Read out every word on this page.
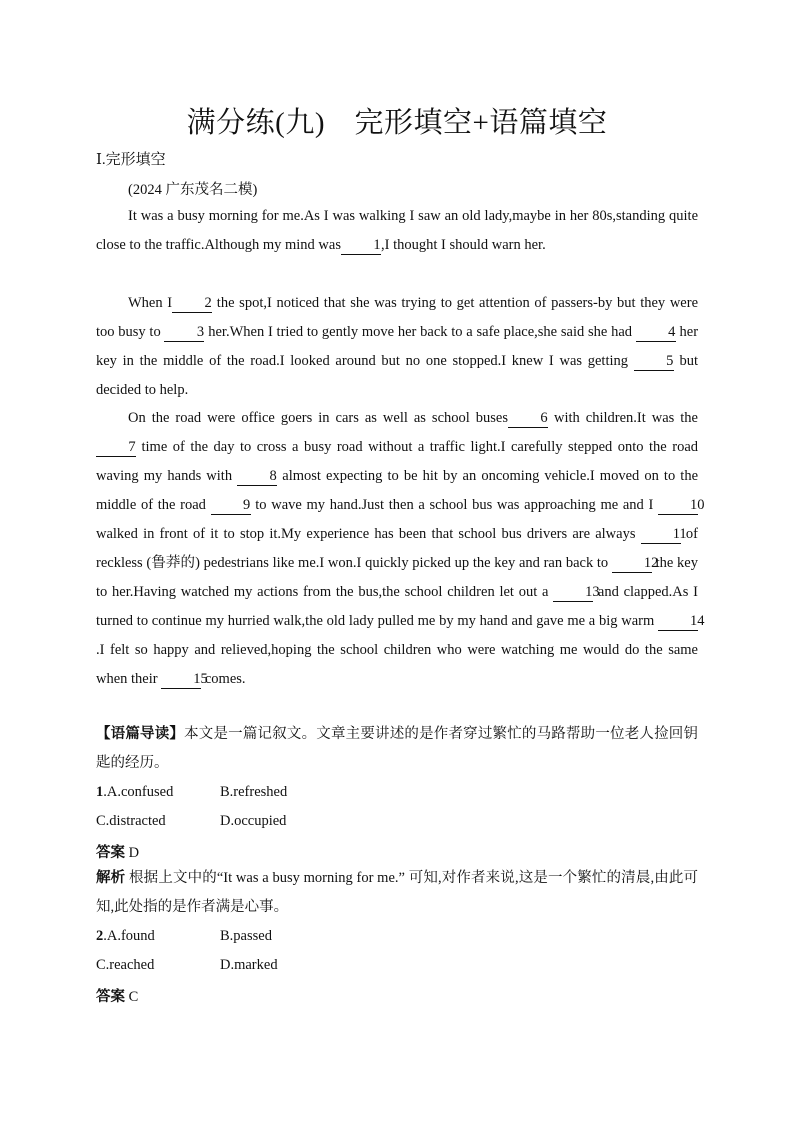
满分练(九)　完形填空+语篇填空
Ⅰ.完形填空
(2024 广东茂名二模)
It was a busy morning for me.As I was walking I saw an old lady,maybe in her 80s,standing quite close to the traffic.Although my mind was 1,I thought I should warn her.
When I 2 the spot,I noticed that she was trying to get attention of passers-by but they were too busy to 3 her.When I tried to gently move her back to a safe place,she said she had 4 her key in the middle of the road.I looked around but no one stopped.I knew I was getting	5 but decided to help.
On the road were office goers in cars as well as school buses 6 with children.It was the 7 time of the day to cross a busy road without a traffic light.I carefully stepped onto the road waving my hands with	8 almost expecting to be hit by an oncoming vehicle.I moved on to the middle of the road	9 to wave my hand.Just then a school bus was approaching me and I	10 walked in front of it to stop it.My experience has been that school bus drivers are always	11 of reckless (鲁莽的) pedestrians like me.I won.I quickly picked up the key and ran back to 12 the key to her.Having watched my actions from the bus,the school children let out a	13 and clapped.As I turned to continue my hurried walk,the old lady pulled me by my hand and gave me a big warm 14.I felt so happy and relieved,hoping the school children who were watching me would do the same when their 15 comes.
【语篇导读】本文是一篇记叙文。文章主要讲述的是作者穿过繁忙的马路帮助一位老人捡回钥匙的经历。
1.A.confused	B.refreshed
C.distracted	D.occupied
答案 D
解析 根据上文中的“It was a busy morning for me.” 可知,对作者来说,这是一个繁忙的清晨,由此可知,此处指的是作者满是心事。
2.A.found	B.passed
C.reached	D.marked
答案 C
